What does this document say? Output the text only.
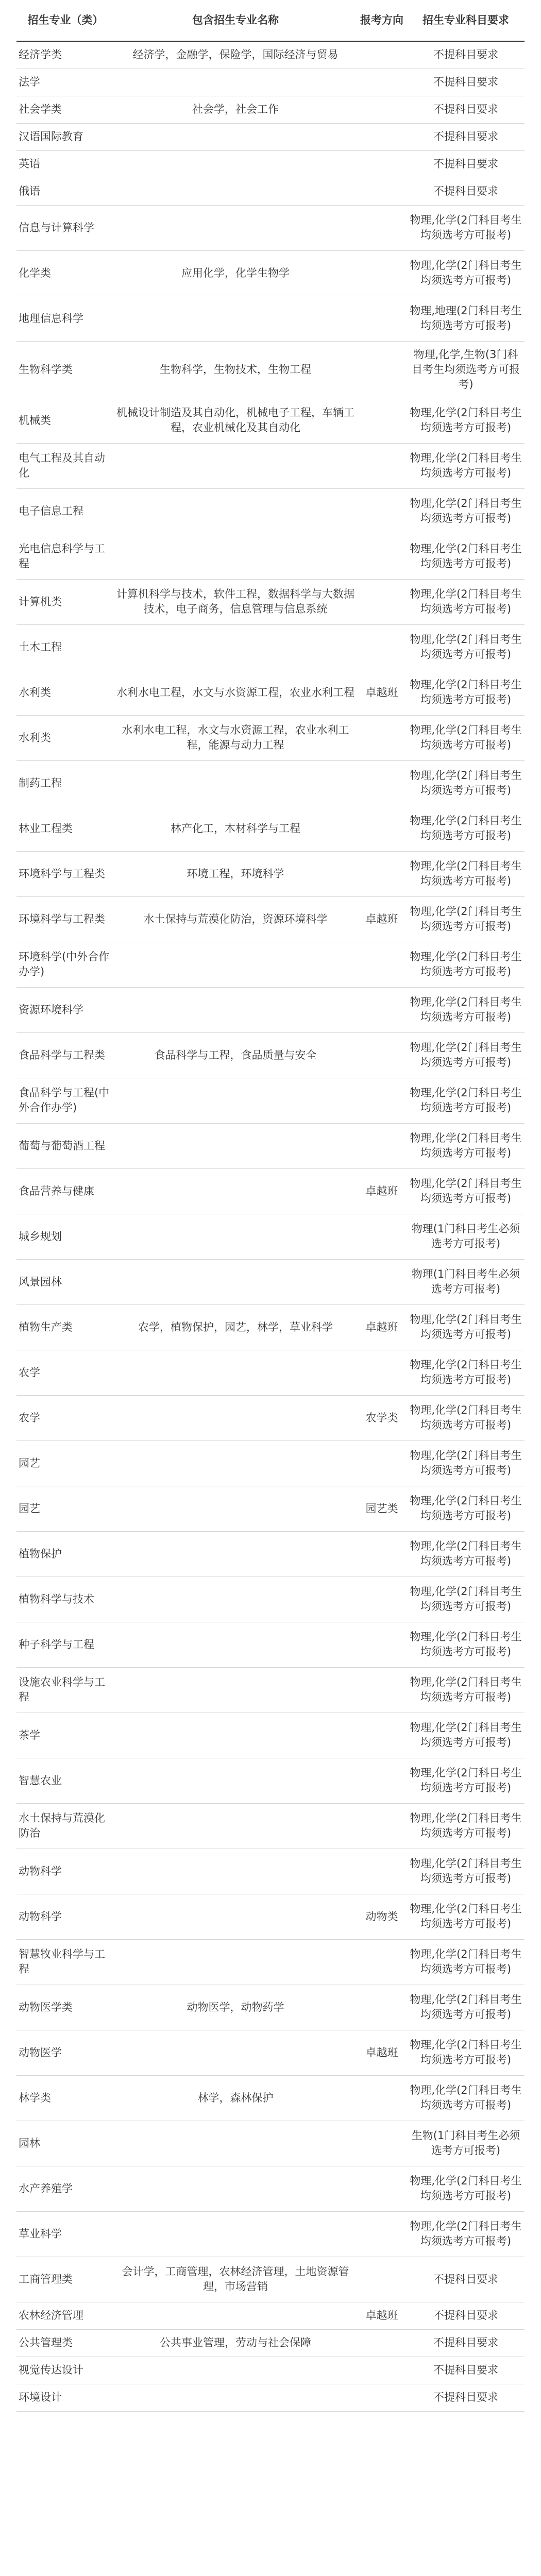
招生专业（类）	包含招生专业名称	报考方向	招生专业科目要求
经济学类	经济学，金融学，保险学，国际经济与贸易		不提科目要求
法学			不提科目要求
社会学类	社会学，社会工作		不提科目要求
汉语国际教育			不提科目要求
英语			不提科目要求
俄语			不提科目要求
信息与计算科学			物理,化学(2门科目考生均须选考方可报考)
化学类	应用化学，化学生物学		物理,化学(2门科目考生均须选考方可报考)
地理信息科学			物理,地理(2门科目考生均须选考方可报考)
生物科学类	生物科学，生物技术，生物工程		物理,化学,生物(3门科目考生均须选考方可报考)
机械类	机械设计制造及其自动化，机械电子工程，车辆工程，农业机械化及其自动化		物理,化学(2门科目考生均须选考方可报考)
电气工程及其自动化			物理,化学(2门科目考生均须选考方可报考)
电子信息工程			物理,化学(2门科目考生均须选考方可报考)
光电信息科学与工程			物理,化学(2门科目考生均须选考方可报考)
计算机类	计算机科学与技术，软件工程，数据科学与大数据技术，电子商务，信息管理与信息系统		物理,化学(2门科目考生均须选考方可报考)
土木工程			物理,化学(2门科目考生均须选考方可报考)
水利类	水利水电工程，水文与水资源工程，农业水利工程	卓越班	物理,化学(2门科目考生均须选考方可报考)
水利类	水利水电工程，水文与水资源工程，农业水利工程，能源与动力工程		物理,化学(2门科目考生均须选考方可报考)
制药工程			物理,化学(2门科目考生均须选考方可报考)
林业工程类	林产化工，木材科学与工程		物理,化学(2门科目考生均须选考方可报考)
环境科学与工程类	环境工程，环境科学		物理,化学(2门科目考生均须选考方可报考)
环境科学与工程类	水土保持与荒漠化防治，资源环境科学	卓越班	物理,化学(2门科目考生均须选考方可报考)
环境科学(中外合作办学)			物理,化学(2门科目考生均须选考方可报考)
资源环境科学			物理,化学(2门科目考生均须选考方可报考)
食品科学与工程类	食品科学与工程，食品质量与安全		物理,化学(2门科目考生均须选考方可报考)
食品科学与工程(中外合作办学)			物理,化学(2门科目考生均须选考方可报考)
葡萄与葡萄酒工程			物理,化学(2门科目考生均须选考方可报考)
食品营养与健康		卓越班	物理,化学(2门科目考生均须选考方可报考)
城乡规划			物理(1门科目考生必须选考方可报考)
风景园林			物理(1门科目考生必须选考方可报考)
植物生产类	农学，植物保护，园艺，林学，草业科学	卓越班	物理,化学(2门科目考生均须选考方可报考)
农学			物理,化学(2门科目考生均须选考方可报考)
农学		农学类	物理,化学(2门科目考生均须选考方可报考)
园艺			物理,化学(2门科目考生均须选考方可报考)
园艺		园艺类	物理,化学(2门科目考生均须选考方可报考)
植物保护			物理,化学(2门科目考生均须选考方可报考)
植物科学与技术			物理,化学(2门科目考生均须选考方可报考)
种子科学与工程			物理,化学(2门科目考生均须选考方可报考)
设施农业科学与工程			物理,化学(2门科目考生均须选考方可报考)
茶学			物理,化学(2门科目考生均须选考方可报考)
智慧农业			物理,化学(2门科目考生均须选考方可报考)
水土保持与荒漠化防治			物理,化学(2门科目考生均须选考方可报考)
动物科学			物理,化学(2门科目考生均须选考方可报考)
动物科学		动物类	物理,化学(2门科目考生均须选考方可报考)
智慧牧业科学与工程			物理,化学(2门科目考生均须选考方可报考)
动物医学类	动物医学，动物药学		物理,化学(2门科目考生均须选考方可报考)
动物医学		卓越班	物理,化学(2门科目考生均须选考方可报考)
林学类	林学，森林保护		物理,化学(2门科目考生均须选考方可报考)
园林			生物(1门科目考生必须选考方可报考)
水产养殖学			物理,化学(2门科目考生均须选考方可报考)
草业科学			物理,化学(2门科目考生均须选考方可报考)
工商管理类	会计学，工商管理，农林经济管理，土地资源管理，市场营销		不提科目要求
农林经济管理		卓越班	不提科目要求
公共管理类	公共事业管理，劳动与社会保障		不提科目要求
视觉传达设计			不提科目要求
环境设计			不提科目要求
